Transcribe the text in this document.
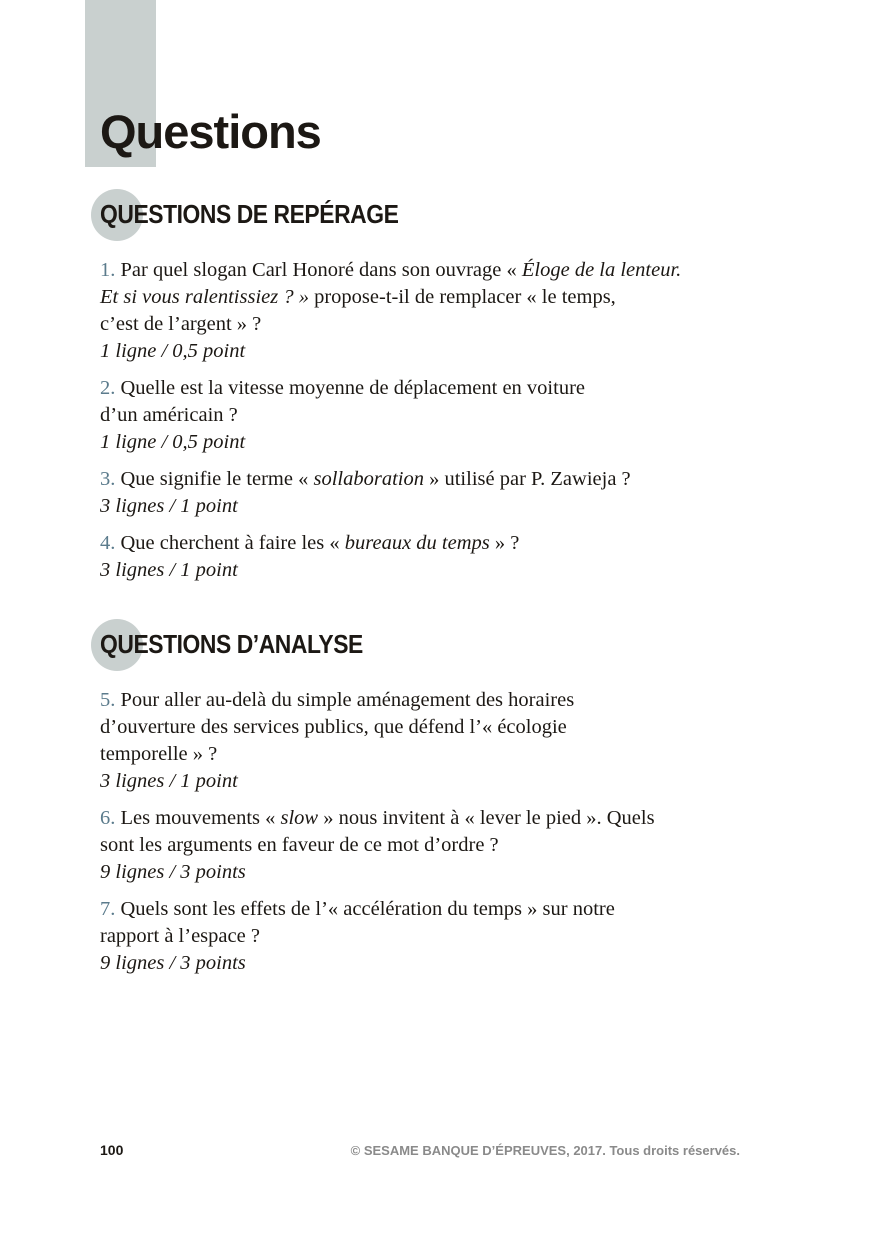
Questions
QUESTIONS DE REPÉRAGE

1. Par quel slogan Carl Honoré dans son ouvrage « Éloge de la lenteur.
Et si vous ralentissiez ? » propose-t-il de remplacer « le temps,
c’est de l’argent » ?

1 ligne / 0,5 point

2. Quelle est la vitesse moyenne de déplacement en voiture
d’un américain ?

1 ligne / 0,5 point

3. Que signifie le terme « sollaboration » utilisé par P. Zawieja ?

3 lignes / 1 point

4. Que cherchent à faire les « bureaux du temps » ?

3 lignes / 1 point

QUESTIONS D’ANALYSE

5. Pour aller au-delà du simple aménagement des horaires
d’ouverture des services publics, que défend l’« écologie
temporelle » ?

3 lignes / 1 point

6. Les mouvements « slow » nous invitent à « lever le pied ». Quels
sont les arguments en faveur de ce mot d’ordre ?

9 lignes / 3 points

7. Quels sont les effets de l’« accélération du temps » sur notre
rapport à l’espace ?

9 lignes / 3 points

100	© SESAME BANQUE D’ÉPREUVES, 2017. Tous droits réservés.
